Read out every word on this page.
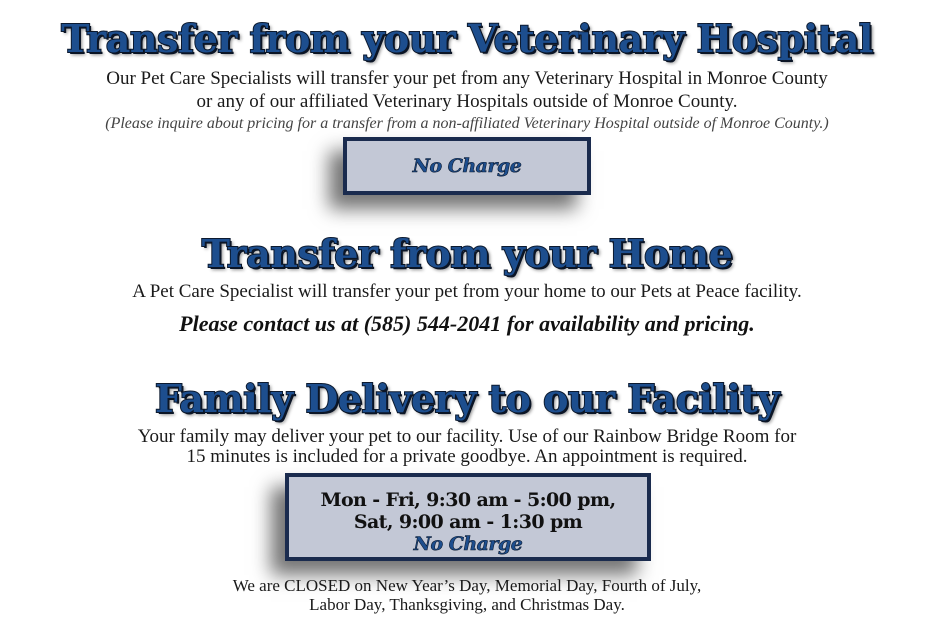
Transfer from your Veterinary Hospital

Our Pet Care Specialists will transfer your pet from any Veterinary Hospital in Monroe County

or any of our affiliated Veterinary Hospitals outside of Monroe County.

(Please inquire about pricing for a transfer from a non-affiliated Veterinary Hospital outside of Monroe County.)

No Charge
Transfer from your Home

A Pet Care Specialist will transfer your pet from your home to our Pets at Peace facility.

Please contact us at (585) 544-2041 for availability and pricing.

Family Delivery to our Facility

Your family may deliver your pet to our facility. Use of our Rainbow Bridge Room for

15 minutes is included for a private goodbye. An appointment is required.

Mon - Fri, 9:30 am - 5:00 pm,
Sat, 9:00 am - 1:30 pm
No Charge

We are CLOSED on New Year’s Day, Memorial Day, Fourth of July,

Labor Day, Thanksgiving, and Christmas Day.
